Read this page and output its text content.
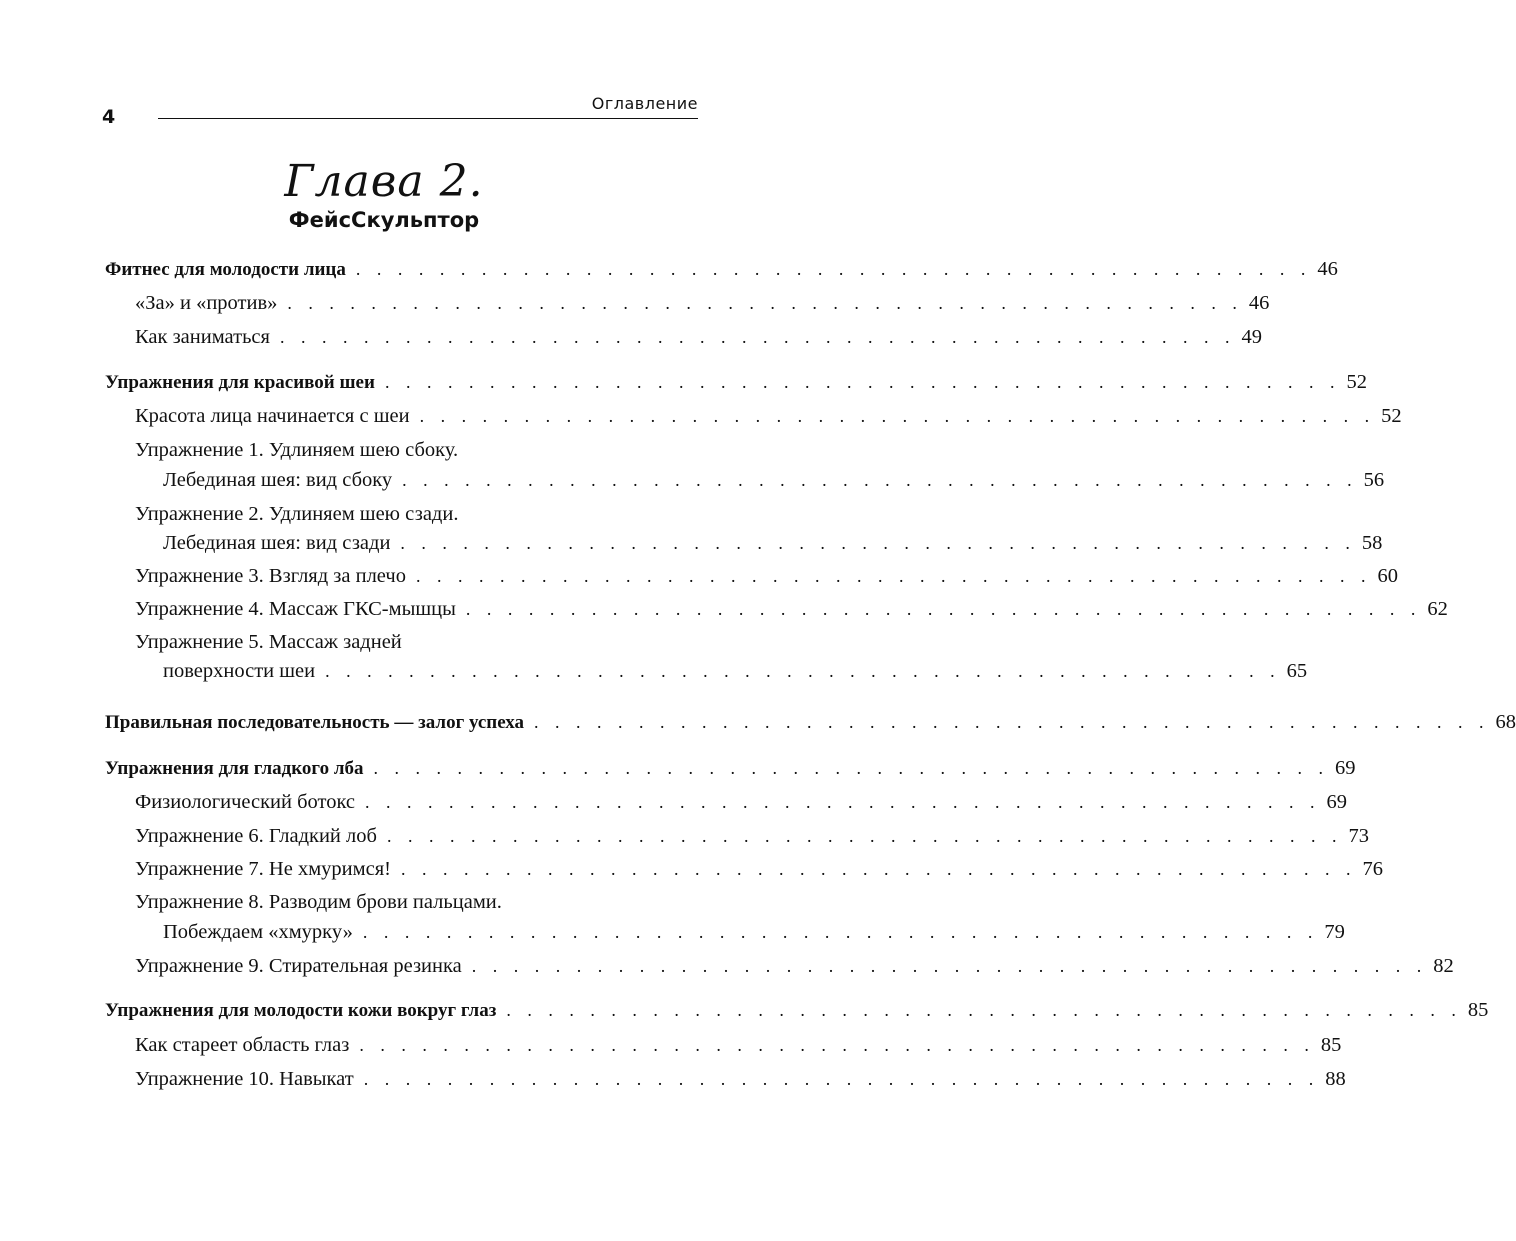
4
Оглавление
Глава 2.
ФейсСкульптор
Фитнес для молодости лица . . . . . . . . . . . . . . . . . . . . . . . . . . . . . . . . . . . . . . . . . . . . . . 46
«За» и «против» . . . . . . . . . . . . . . . . . . . . . . . . . . . . . . . . . . . . . . . . . . . . . . 46
Как заниматься . . . . . . . . . . . . . . . . . . . . . . . . . . . . . . . . . . . . . . . . . . . . . . 49
Упражнения для красивой шеи . . . . . . . . . . . . . . . . . . . . . . . . . . . . . . . . . . . . . . . . . . . . . . 52
Красота лица начинается с шеи . . . . . . . . . . . . . . . . . . . . . . . . . . . . . . . . . . . . . . . . . . . . . . 52
Упражнение 1. Удлиняем шею сбоку.
Лебединая шея: вид сбоку . . . . . . . . . . . . . . . . . . . . . . . . . . . . . . . . . . . . . . . . . . . . . . 56
Упражнение 2. Удлиняем шею сзади.
Лебединая шея: вид сзади . . . . . . . . . . . . . . . . . . . . . . . . . . . . . . . . . . . . . . . . . . . . . . 58
Упражнение 3. Взгляд за плечо . . . . . . . . . . . . . . . . . . . . . . . . . . . . . . . . . . . . . . . . . . . . . . 60
Упражнение 4. Массаж ГКС-мышцы . . . . . . . . . . . . . . . . . . . . . . . . . . . . . . . . . . . . . . . . . . . . . . 62
Упражнение 5. Массаж задней
поверхности шеи . . . . . . . . . . . . . . . . . . . . . . . . . . . . . . . . . . . . . . . . . . . . . . 65
Правильная последовательность — залог успеха . . . . . . . . . . . . . . . . . . . . . . . . . . . . . . . . . . . . . . . . . . . . . . 68
Упражнения для гладкого лба . . . . . . . . . . . . . . . . . . . . . . . . . . . . . . . . . . . . . . . . . . . . . . 69
Физиологический ботокс . . . . . . . . . . . . . . . . . . . . . . . . . . . . . . . . . . . . . . . . . . . . . . 69
Упражнение 6. Гладкий лоб . . . . . . . . . . . . . . . . . . . . . . . . . . . . . . . . . . . . . . . . . . . . . . 73
Упражнение 7. Не хмуримся! . . . . . . . . . . . . . . . . . . . . . . . . . . . . . . . . . . . . . . . . . . . . . . 76
Упражнение 8. Разводим брови пальцами.
Побеждаем «хмурку» . . . . . . . . . . . . . . . . . . . . . . . . . . . . . . . . . . . . . . . . . . . . . . 79
Упражнение 9. Стирательная резинка . . . . . . . . . . . . . . . . . . . . . . . . . . . . . . . . . . . . . . . . . . . . . . 82
Упражнения для молодости кожи вокруг глаз . . . . . . . . . . . . . . . . . . . . . . . . . . . . . . . . . . . . . . . . . . . . . . 85
Как стареет область глаз . . . . . . . . . . . . . . . . . . . . . . . . . . . . . . . . . . . . . . . . . . . . . . 85
Упражнение 10. Навыкат . . . . . . . . . . . . . . . . . . . . . . . . . . . . . . . . . . . . . . . . . . . . . . 88
